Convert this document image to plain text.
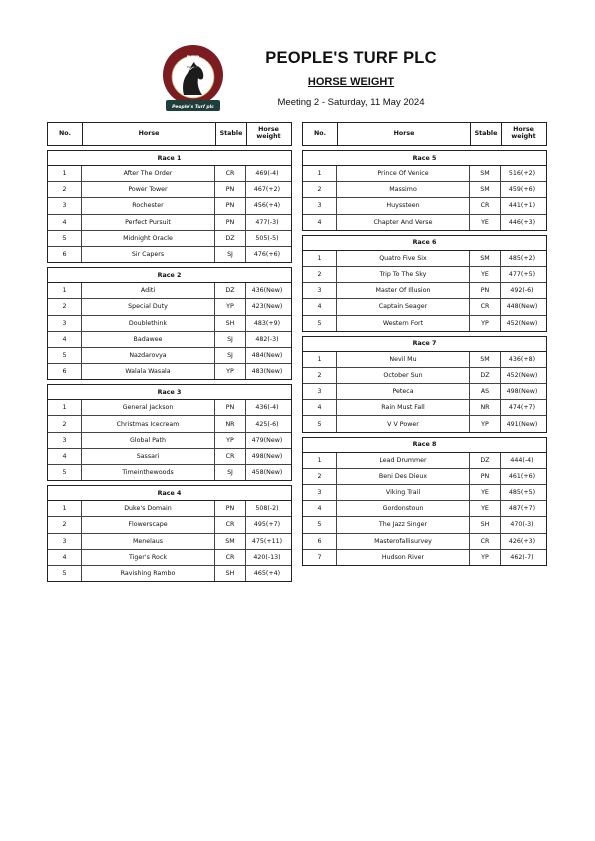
PTP
EST 2023
People's Turf plc
PEOPLE'S TURF PLC
HORSE WEIGHT
Meeting 2 - Saturday, 11 May 2024
No.	Horse	Stable	Horse weight
Race 1
1	After The Order	CR	469(-4)
2	Power Tower	PN	467(+2)
3	Rochester	PN	456(+4)
4	Perfect Pursuit	PN	477(-3)
5	Midnight Oracle	DZ	505(-5)
6	Sir Capers	SJ	476(+6)
Race 2
1	Aditi	DZ	436(New)
2	Special Duty	YP	423(New)
3	Doublethink	SH	483(+9)
4	Badawee	SJ	482(-3)
5	Nazdarovya	SJ	484(New)
6	Walala Wasala	YP	483(New)
Race 3
1	General Jackson	PN	436(-4)
2	Christmas Icecream	NR	425(-6)
3	Global Path	YP	479(New)
4	Sassari	CR	498(New)
5	Timeinthewoods	SJ	458(New)
Race 4
1	Duke's Domain	PN	508(-2)
2	Flowerscape	CR	495(+7)
3	Menelaus	SM	475(+11)
4	Tiger's Rock	CR	420(-13)
5	Ravishing Rambo	SH	465(+4)
No.	Horse	Stable	Horse weight
Race 5
1	Prince Of Venice	SM	516(+2)
2	Massimo	SM	459(+6)
3	Huyssteen	CR	441(+1)
4	Chapter And Verse	YE	446(+3)
Race 6
1	Quatro Five Six	SM	485(+2)
2	Trip To The Sky	YE	477(+5)
3	Master Of Illusion	PN	492(-6)
4	Captain Seager	CR	448(New)
5	Western Fort	YP	452(New)
Race 7
1	Nevil Mu	SM	436(+8)
2	October Sun	DZ	452(New)
3	Peteca	AS	498(New)
4	Rain Must Fall	NR	474(+7)
5	V V Power	YP	491(New)
Race 8
1	Lead Drummer	DZ	444(-4)
2	Beni Des Dieux	PN	461(+6)
3	Viking Trail	YE	485(+5)
4	Gordonstoun	YE	487(+7)
5	The Jazz Singer	SH	470(-3)
6	Masterofallisurvey	CR	426(+3)
7	Hudson River	YP	462(-7)
